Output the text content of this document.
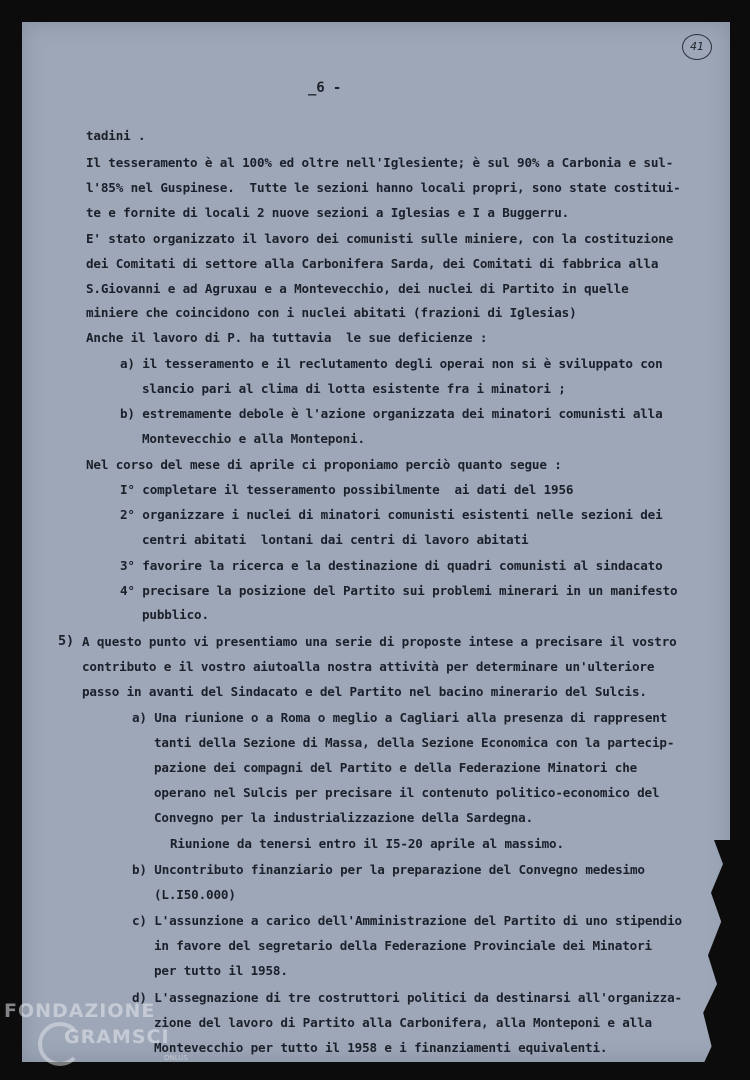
41
_6 -
tadini .
Il tesseramento è al 100% ed oltre nell'Iglesiente; è sul 90% a Carbonia e sul-
l'85% nel Guspinese.  Tutte le sezioni hanno locali propri, sono state costitui-
te e fornite di locali 2 nuove sezioni a Iglesias e I a Buggerru.
E' stato organizzato il lavoro dei comunisti sulle miniere, con la costituzione
dei Comitati di settore alla Carbonifera Sarda, dei Comitati di fabbrica alla
S.Giovanni e ad Agruxau e a Montevecchio, dei nuclei di Partito in quelle
miniere che coincidono con i nuclei abitati (frazioni di Iglesias)
Anche il lavoro di P. ha tuttavia  le sue deficienze :
a) il tesseramento e il reclutamento degli operai non si è sviluppato con
slancio pari al clima di lotta esistente fra i minatori ;
b) estremamente debole è l'azione organizzata dei minatori comunisti alla
Montevecchio e alla Monteponi.
Nel corso del mese di aprile ci proponiamo perciò quanto segue :
I° completare il tesseramento possibilmente  ai dati del 1956
2° organizzare i nuclei di minatori comunisti esistenti nelle sezioni dei
centri abitati  lontani dai centri di lavoro abitati
3° favorire la ricerca e la destinazione di quadri comunisti al sindacato
4° precisare la posizione del Partito sui problemi minerari in un manifesto
pubblico.
5) A questo punto vi presentiamo una serie di proposte intese a precisare il vostro
contributo e il vostro aiutoalla nostra attività per determinare un'ulteriore
passo in avanti del Sindacato e del Partito nel bacino minerario del Sulcis.
a) Una riunione o a Roma o meglio a Cagliari alla presenza di rappresent
tanti della Sezione di Massa, della Sezione Economica con la partecip-
pazione dei compagni del Partito e della Federazione Minatori che
operano nel Sulcis per precisare il contenuto politico-economico del
Convegno per la industrializzazione della Sardegna.
Riunione da tenersi entro il I5-20 aprile al massimo.
b) Uncontributo finanziario per la preparazione del Convegno medesimo
(L.I50.000)
c) L'assunzione a carico dell'Amministrazione del Partito di uno stipendio
in favore del segretario della Federazione Provinciale dei Minatori
per tutto il 1958.
d) L'assegnazione di tre costruttori politici da destinarsi all'organizza-
zione del lavoro di Partito alla Carbonifera, alla Monteponi e alla
Montevecchio per tutto il 1958 e i finanziamenti equivalenti.
FONDAZIONE
GRAMSCI
ONLUS
